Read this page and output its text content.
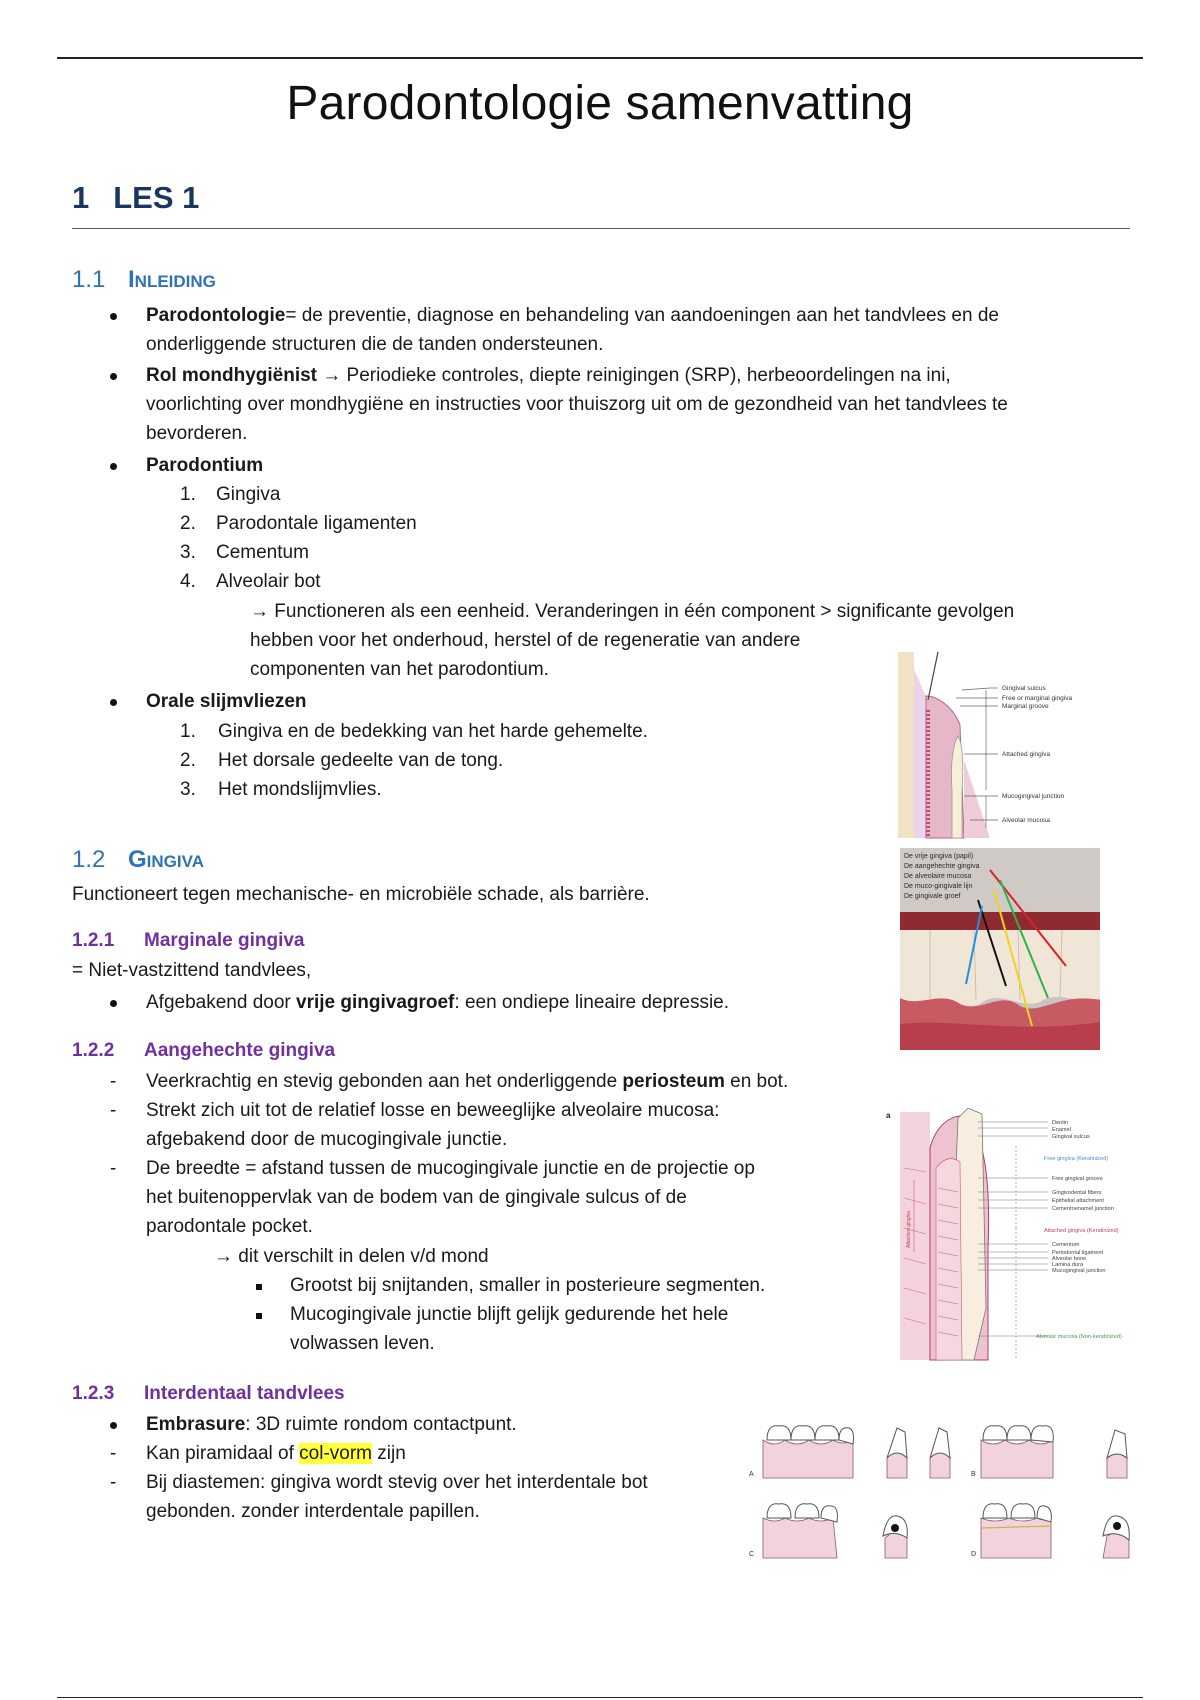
Parodontologie samenvatting
1 LES 1
1.1 Inleiding
Parodontologie= de preventie, diagnose en behandeling van aandoeningen aan het tandvlees en de
onderliggende structuren die de tanden ondersteunen.
Rol mondhygiënist → Periodieke controles, diepte reinigingen (SRP), herbeoordelingen na ini,
voorlichting over mondhygiëne en instructies voor thuiszorg uit om de gezondheid van het tandvlees te
bevorderen.
Parodontium
1. Gingiva
2. Parodontale ligamenten
3. Cementum
4. Alveolair bot
→ Functioneren als een eenheid. Veranderingen in één component > significante gevolgen
hebben voor het onderhoud, herstel of de regeneratie van andere
componenten van het parodontium.
Orale slijmvliezen
1. Gingiva en de bedekking van het harde gehemelte.
2. Het dorsale gedeelte van de tong.
3. Het mondslijmvlies.
1.2 Gingiva
Functioneert tegen mechanische- en microbiële schade, als barrière.
1.2.1 Marginale gingiva
= Niet-vastzittend tandvlees,
Afgebakend door vrije gingivagroef: een ondiepe lineaire depressie.
1.2.2 Aangehechte gingiva
- Veerkrachtig en stevig gebonden aan het onderliggende periosteum en bot.
- Strekt zich uit tot de relatief losse en beweeglijke alveolaire mucosa:
afgebakend door de mucogingivale junctie.
- De breedte = afstand tussen de mucogingivale junctie en de projectie op
het buitenoppervlak van de bodem van de gingivale sulcus of de
parodontale pocket.
→ dit verschilt in delen v/d mond
Grootst bij snijtanden, smaller in posterieure segmenten.
Mucogingivale junctie blijft gelijk gedurende het hele
volwassen leven.
1.2.3 Interdentaal tandvlees
Embrasure: 3D ruimte rondom contactpunt.
- Kan piramidaal of col-vorm zijn
- Bij diastemen: gingiva wordt stevig over het interdentale bot
gebonden. zonder interdentale papillen.
Gingival sulcus
Free or marginal gingiva
Marginal groove
Attached gingiva
Mucogingival junction
Alveolar mucosa
De vrije gingiva (papil)
De aangehechte gingiva
De alveolaire mucosa
De muco-gingivale lijn
De gingivale groef
a
Attached gingiva
Dentin
Enamel
Gingival sulcus
Free gingiva (Keratinized)
Free gingival groove
Gingivodental fibers
Epithelial attachment
Cementoenamel junction
Attached gingiva (Keratinized)
Cementum
Periodontal ligament
Alveolar bone
Lamina dura
Mucogingival junction
Alveolar mucosa (Non-keratinized)
A	B
C	D
